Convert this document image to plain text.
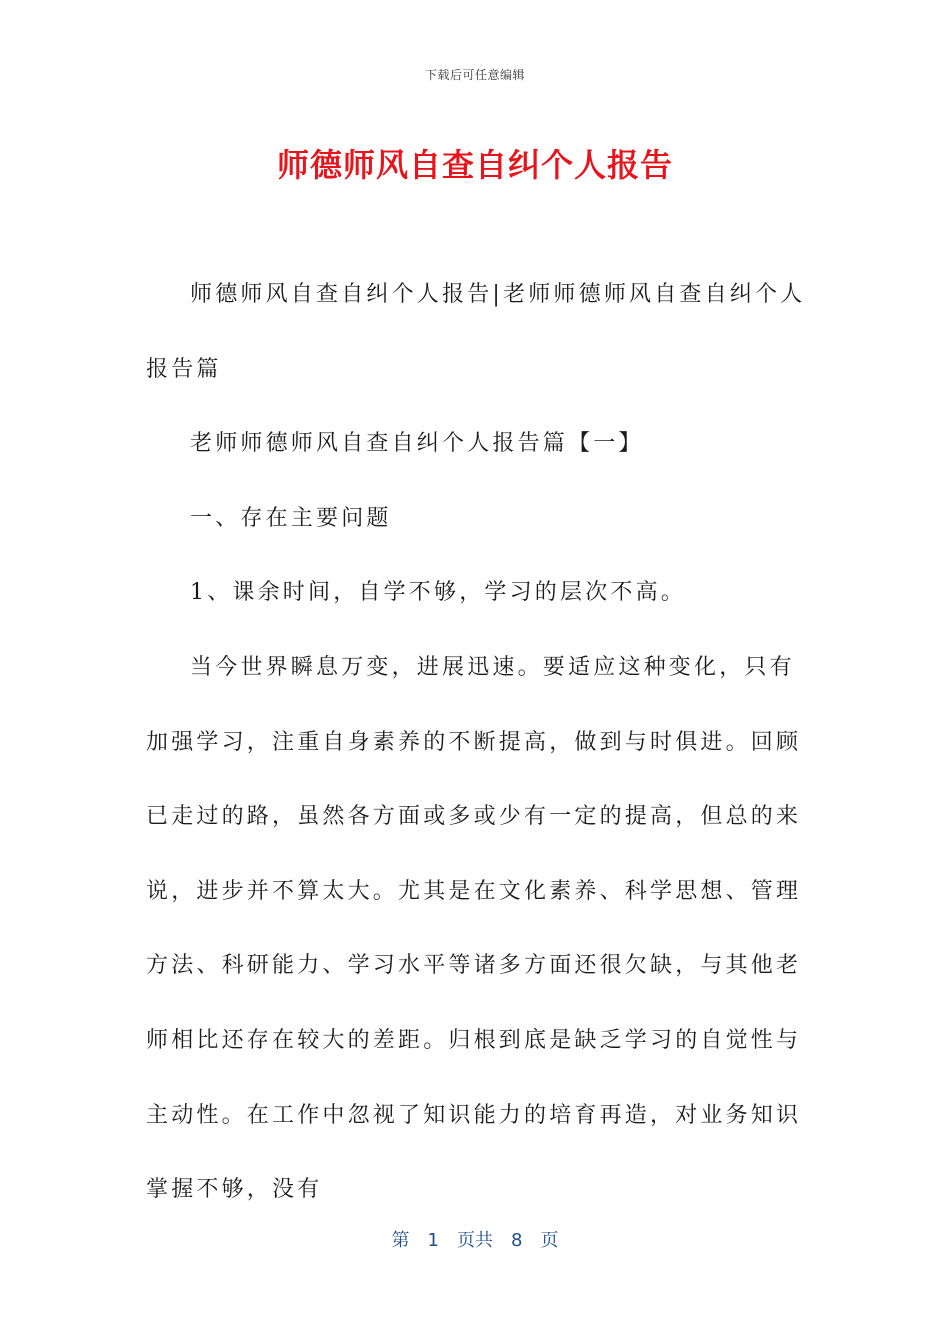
下载后可任意编辑
师德师风自查自纠个人报告

师德师风自查自纠个人报告|老师师德师风自查自纠个人报告篇

老师师德师风自查自纠个人报告篇【一】

一、存在主要问题

1、课余时间，自学不够，学习的层次不高。

当今世界瞬息万变，进展迅速。要适应这种变化，只有加强学习，注重自身素养的不断提高，做到与时俱进。回顾已走过的路，虽然各方面或多或少有一定的提高，但总的来说，进步并不算太大。尤其是在文化素养、科学思想、管理方法、科研能力、学习水平等诸多方面还很欠缺，与其他老师相比还存在较大的差距。归根到底是缺乏学习的自觉性与主动性。在工作中忽视了知识能力的培育再造，对业务知识掌握不够，没有

第 1 页共 8 页
